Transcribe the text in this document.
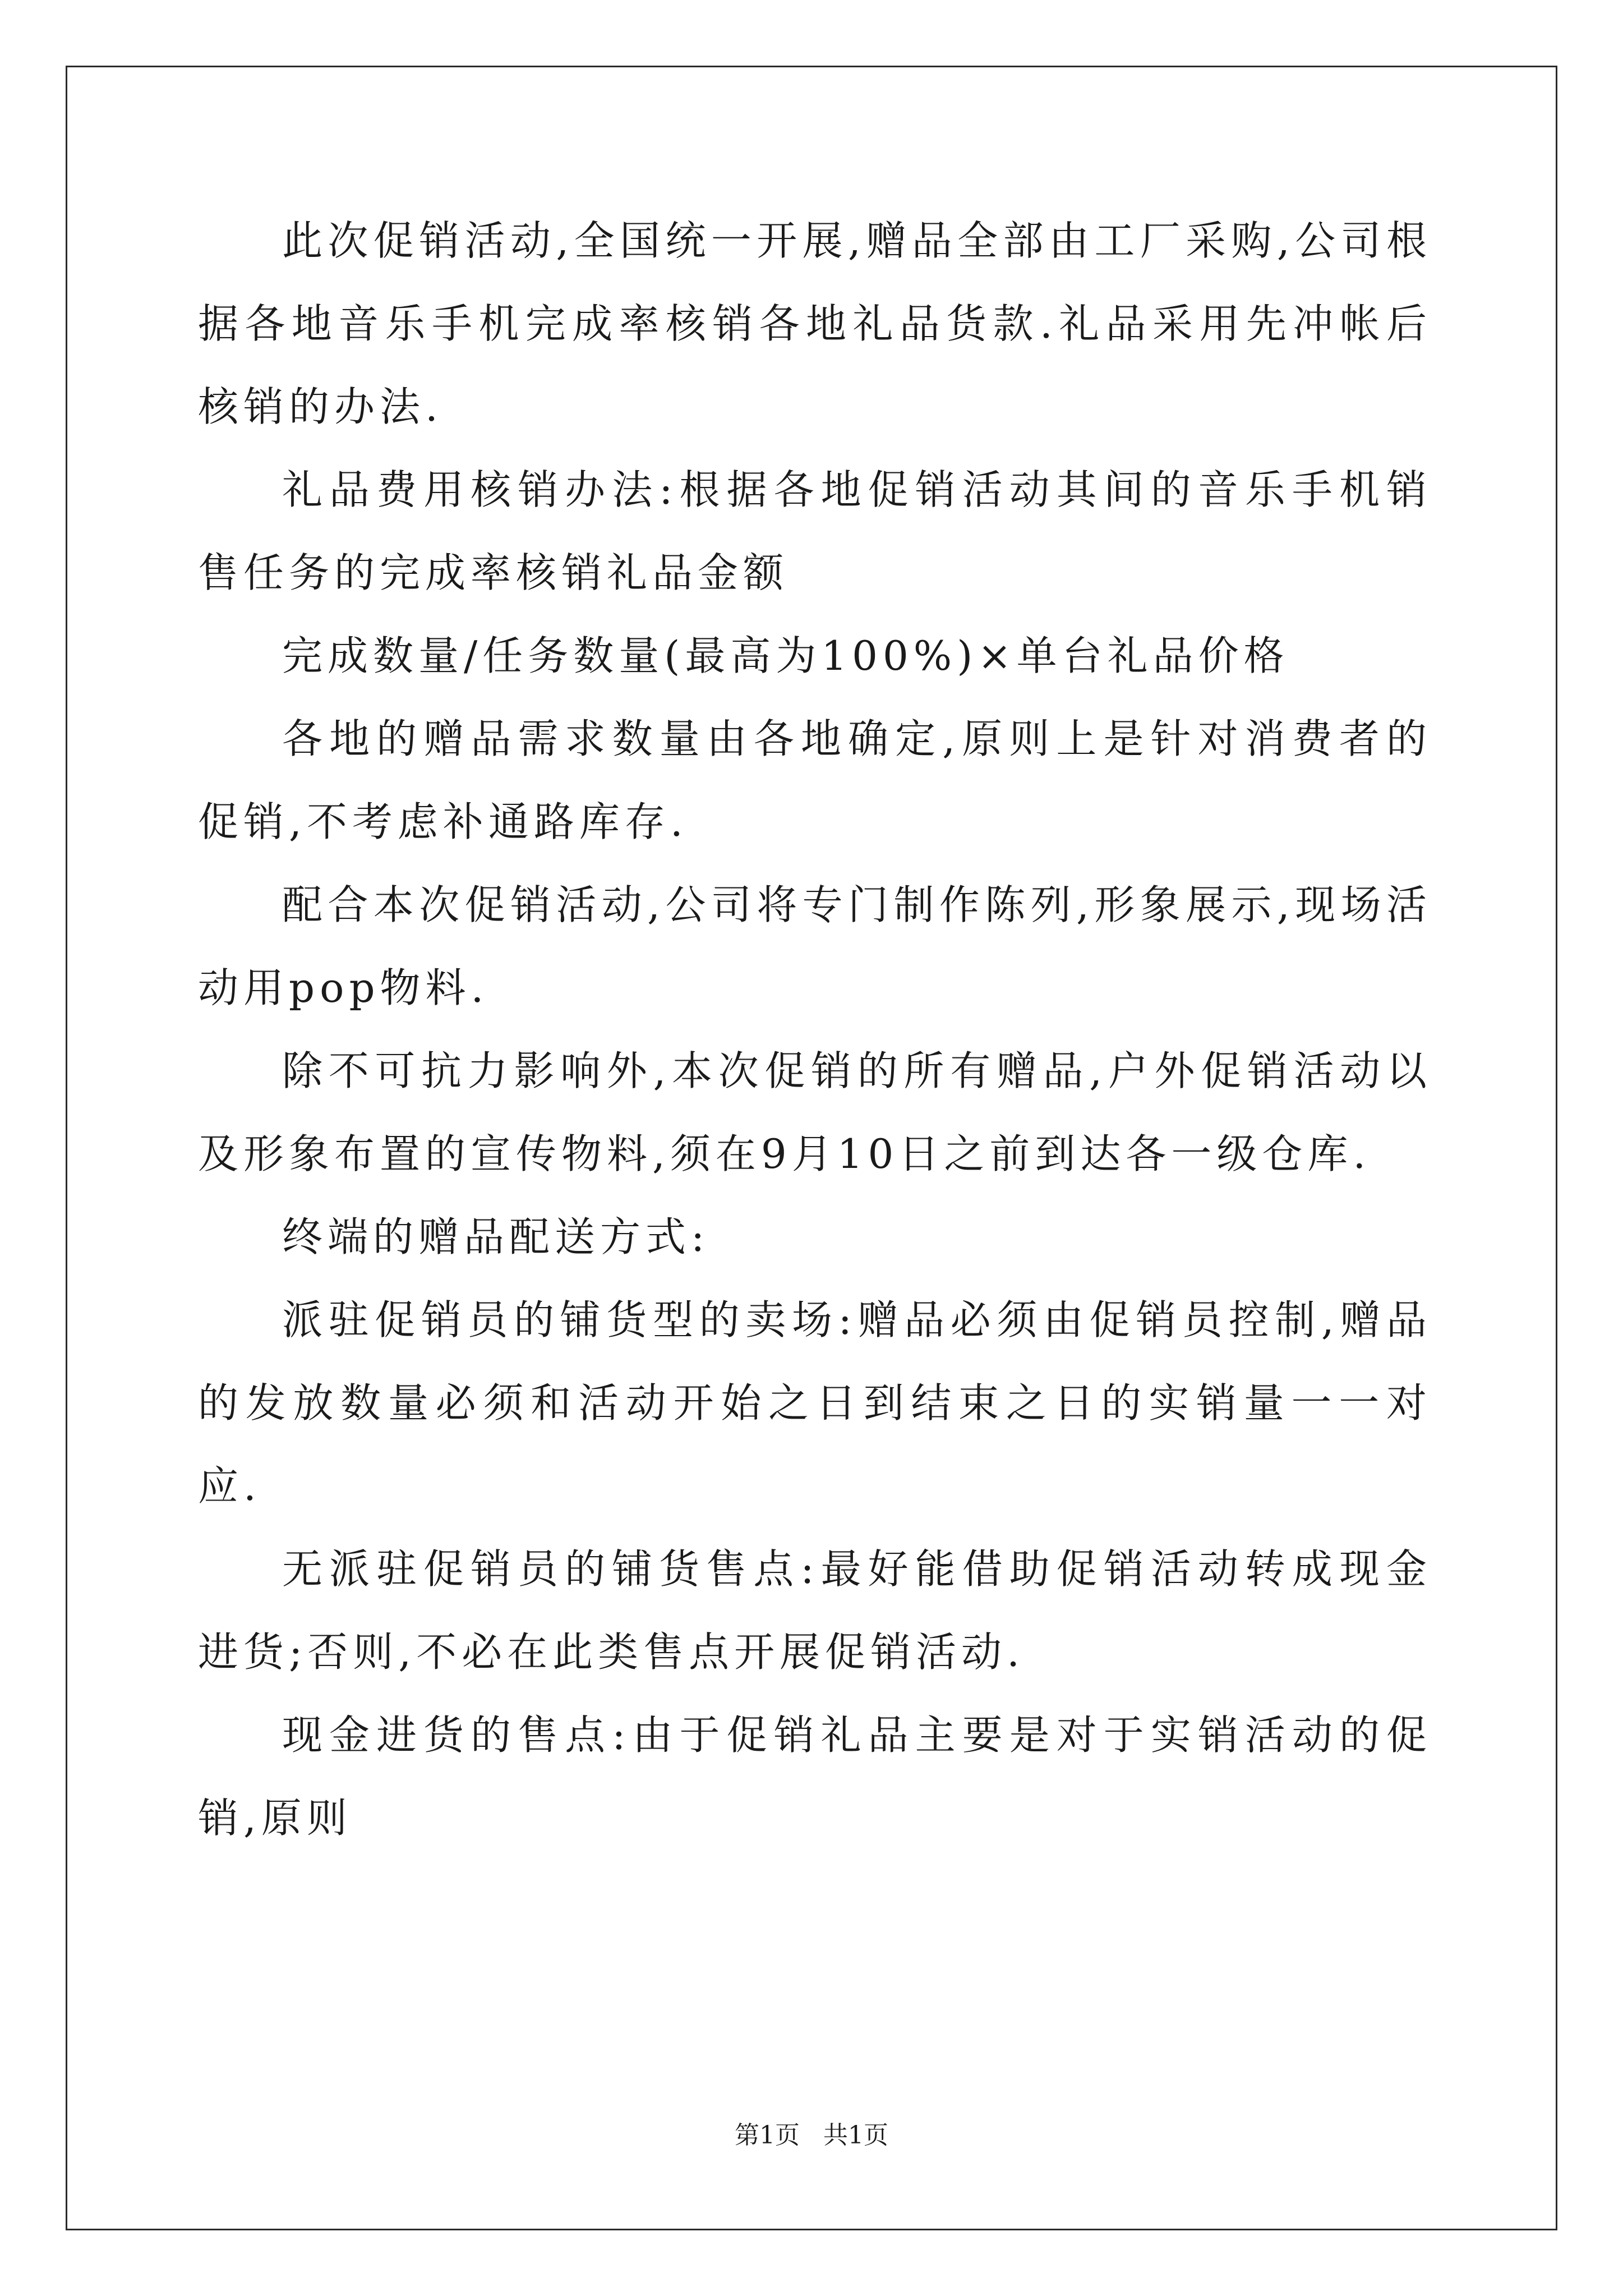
此次促销活动,全国统一开展,赠品全部由工厂采购,公司根据各地音乐手机完成率核销各地礼品货款.礼品采用先冲帐后核销的办法.

礼品费用核销办法:根据各地促销活动其间的音乐手机销售任务的完成率核销礼品金额

完成数量/任务数量(最高为100%)×单台礼品价格

各地的赠品需求数量由各地确定,原则上是针对消费者的促销,不考虑补通路库存.

配合本次促销活动,公司将专门制作陈列,形象展示,现场活动用pop物料.

除不可抗力影响外,本次促销的所有赠品,户外促销活动以及形象布置的宣传物料,须在9月10日之前到达各一级仓库.

终端的赠品配送方式:

派驻促销员的铺货型的卖场:赠品必须由促销员控制,赠品的发放数量必须和活动开始之日到结束之日的实销量一一对应.

无派驻促销员的铺货售点:最好能借助促销活动转成现金进货;否则,不必在此类售点开展促销活动.

现金进货的售点:由于促销礼品主要是对于实销活动的促销,原则

第1页   共1页
